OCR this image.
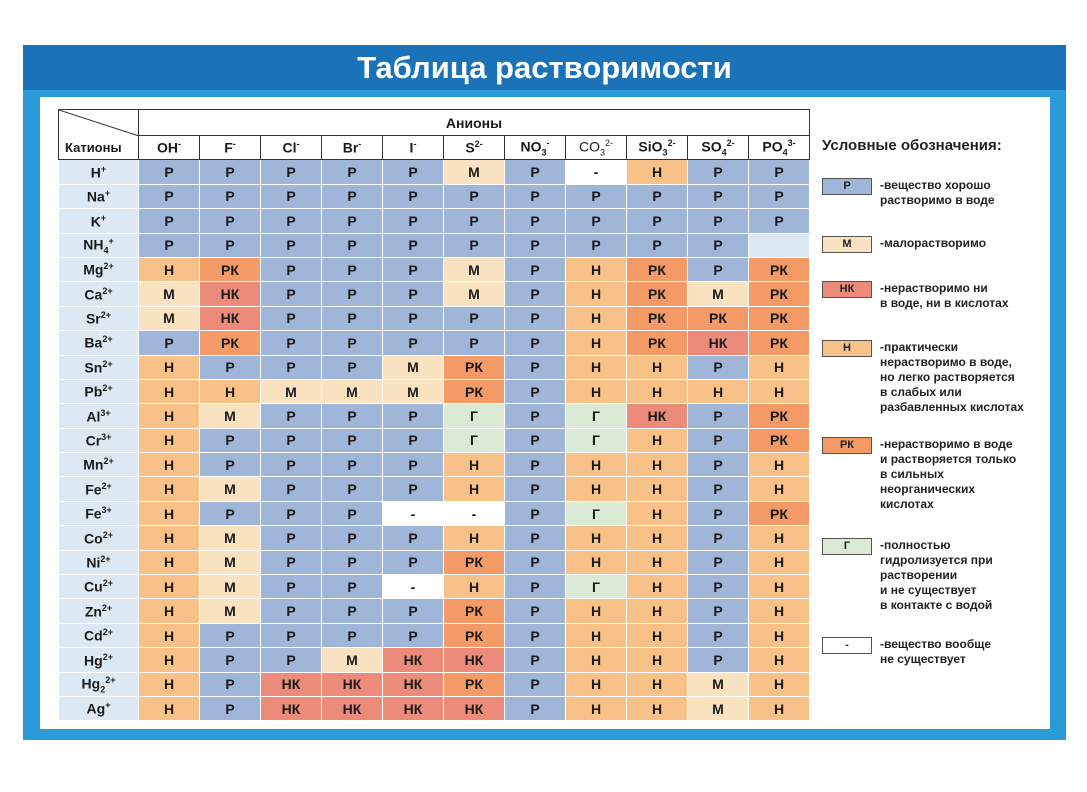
Таблица растворимости
Катионы	Анионы										
	OH-	F-	Cl-	Br-	I-	$S^{2-}$	$NO_3^-$	$CO_3^{2-}$	SiO$_3^{2-}$	$SO_4^{2-}$	$PO_4^{3-}$
H+	Р	Р	Р	Р	Р	М	Р	-	Н	Р	Р
Na+	Р	Р	Р	Р	Р	Р	Р	Р	Р	Р	Р
K+	Р	Р	Р	Р	Р	Р	Р	Р	Р	Р	Р
$NH_4^+$	Р	Р	Р	Р	Р	Р	Р	Р	Р	Р	
$Mg^{2+}$	Н	РК	Р	Р	Р	М	Р	Н	РК	Р	РК
$Ca^{2+}$	М	НК	Р	Р	Р	М	Р	Н	РК	М	РК
$Sr^{2+}$	М	НК	Р	Р	Р	Р	Р	Н	РК	РК	РК
$Ba^{2+}$	Р	РК	Р	Р	Р	Р	Р	Н	РК	НК	РК
$Sn^{2+}$	Н	Р	Р	Р	М	РК	Р	Н	Н	Р	Н
$Pb^{2+}$	Н	Н	М	М	М	РК	Р	Н	Н	Н	Н
$Al^{3+}$	Н	М	Р	Р	Р	Г	Р	Г	НК	Р	РК
$Cr^{3+}$	Н	Р	Р	Р	Р	Г	Р	Г	Н	Р	РК
$Mn^{2+}$	Н	Р	Р	Р	Р	Н	Р	Н	Н	Р	Н
$Fe^{2+}$	Н	М	Р	Р	Р	Н	Р	Н	Н	Р	Н
$Fe^{3+}$	Н	Р	Р	Р	-	-	Р	Г	Н	Р	РК
$Co^{2+}$	Н	М	Р	Р	Р	Н	Р	Н	Н	Р	Н
$Ni^{2+}$	Н	М	Р	Р	Р	РК	Р	Н	Н	Р	Н
$Cu^{2+}$	Н	М	Р	Р	-	Н	Р	Г	Н	Р	Н
$Zn^{2+}$	Н	М	Р	Р	Р	РК	Р	Н	Н	Р	Н
$Cd^{2+}$	Н	Р	Р	Р	Р	РК	Р	Н	Н	Р	Н
$Hg^{2+}$	Н	Р	Р	М	НК	НК	Р	Н	Н	Р	Н
$Hg_2^{2+}$	Н	Р	НК	НК	НК	РК	Р	Н	Н	М	Н
Ag+	Н	Р	НК	НК	НК	НК	Р	Н	Н	М	Н
Условные обозначения:
Р	-вещество хорошо
растворимо в воде
М	-малорастворимо
НК	-нерастворимо ни
в воде, ни в кислотах
Н	-практически
нерастворимо в воде,
но легко растворяется
в слабых или
разбавленных кислотах
РК	-нерастворимо в воде
и растворяется только
в сильных
неорганических
кислотах
Г	-полностью
гидролизуется при
растворении
и не существует
в контакте с водой
-	-вещество вообще
не существует
